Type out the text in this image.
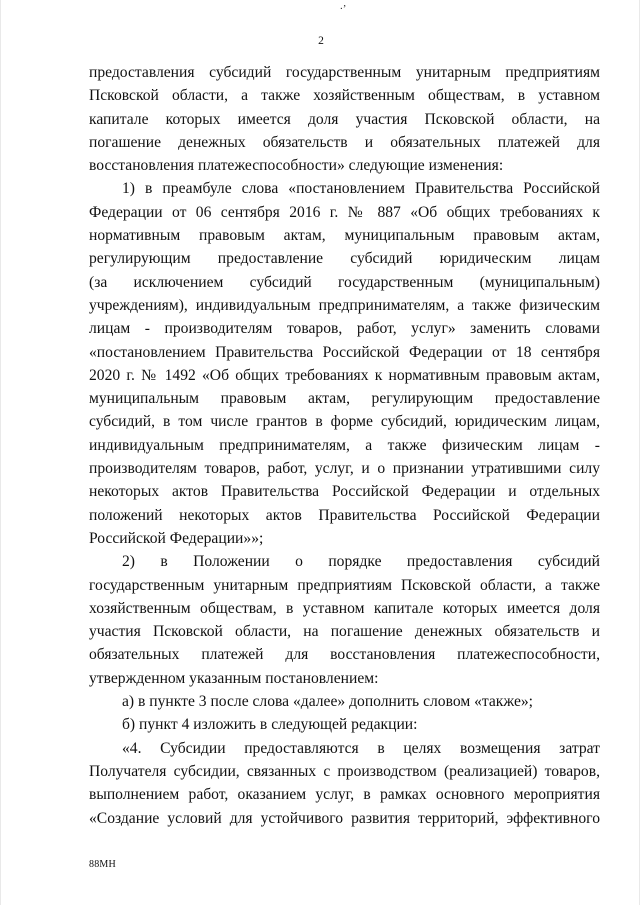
∙’
2
предоставления субсидий государственным унитарным предприятиям
Псковской области, а также хозяйственным обществам, в уставном
капитале которых имеется доля участия Псковской области, на
погашение денежных обязательств и обязательных платежей для
восстановления платежеспособности» следующие изменения:
1) в преамбуле слова «постановлением Правительства Российской
Федерации от 06 сентября 2016 г. № 887 «Об общих требованиях к
нормативным правовым актам, муниципальным правовым актам,
регулирующим предоставление субсидий юридическим лицам
(за исключением субсидий государственным (муниципальным)
учреждениям), индивидуальным предпринимателям, а также физическим
лицам - производителям товаров, работ, услуг» заменить словами
«постановлением Правительства Российской Федерации от 18 сентября
2020 г. № 1492 «Об общих требованиях к нормативным правовым актам,
муниципальным правовым актам, регулирующим предоставление
субсидий, в том числе грантов в форме субсидий, юридическим лицам,
индивидуальным предпринимателям, а также физическим лицам -
производителям товаров, работ, услуг, и о признании утратившими силу
некоторых актов Правительства Российской Федерации и отдельных
положений некоторых актов Правительства Российской Федерации
Российской Федерации»»;
2) в Положении о порядке предоставления субсидий
государственным унитарным предприятиям Псковской области, а также
хозяйственным обществам, в уставном капитале которых имеется доля
участия Псковской области, на погашение денежных обязательств и
обязательных платежей для восстановления платежеспособности,
утвержденном указанным постановлением:
а) в пункте 3 после слова «далее» дополнить словом «также»;
б) пункт 4 изложить в следующей редакции:
«4. Субсидии предоставляются в целях возмещения затрат
Получателя субсидии, связанных с производством (реализацией) товаров,
выполнением работ, оказанием услуг, в рамках основного мероприятия
«Создание условий для устойчивого развития территорий, эффективного
88МН
